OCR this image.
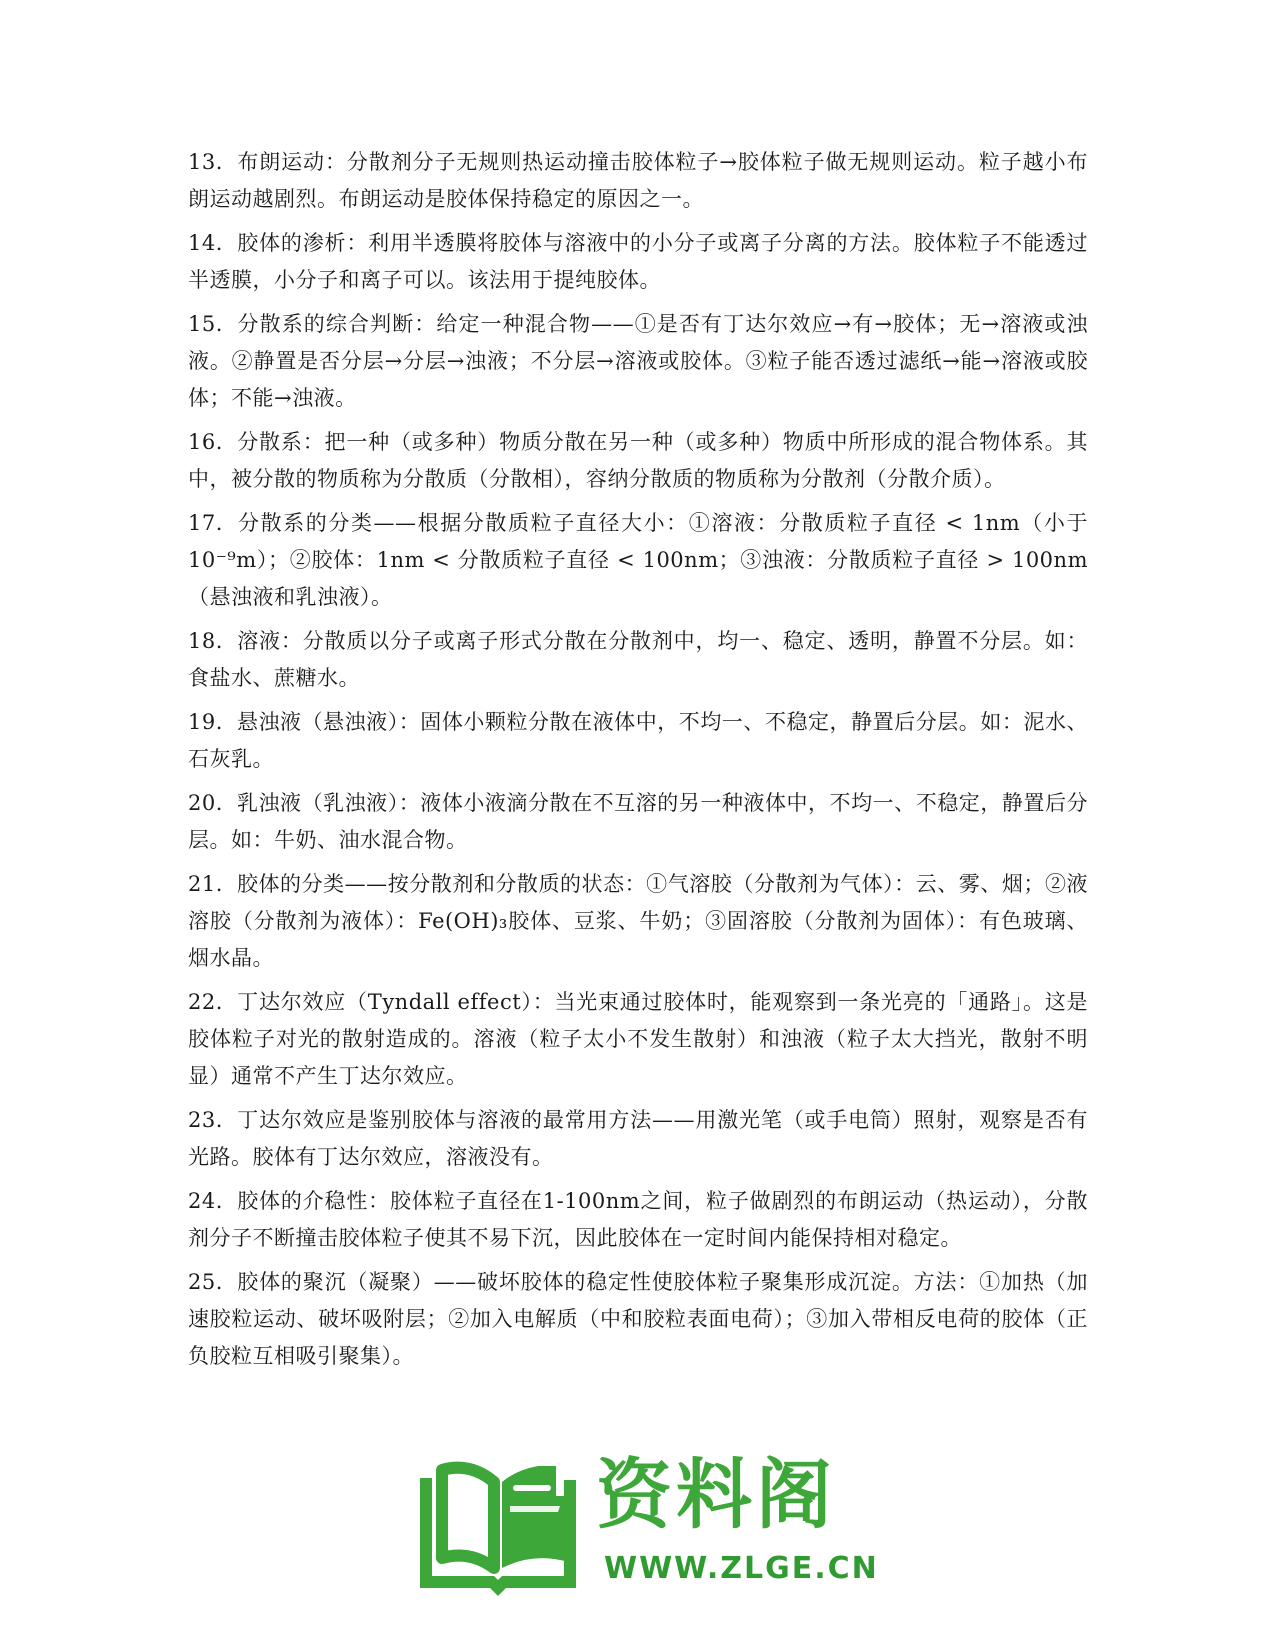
13. 布朗运动：分散剂分子无规则热运动撞击胶体粒子→胶体粒子做无规则运动。粒子越小布朗运动越剧烈。布朗运动是胶体保持稳定的原因之一。

14. 胶体的渗析：利用半透膜将胶体与溶液中的小分子或离子分离的方法。胶体粒子不能透过半透膜，小分子和离子可以。该法用于提纯胶体。

15. 分散系的综合判断：给定一种混合物——①是否有丁达尔效应→有→胶体；无→溶液或浊液。②静置是否分层→分层→浊液；不分层→溶液或胶体。③粒子能否透过滤纸→能→溶液或胶体；不能→浊液。

16. 分散系：把一种（或多种）物质分散在另一种（或多种）物质中所形成的混合物体系。其中，被分散的物质称为分散质（分散相），容纳分散质的物质称为分散剂（分散介质）。

17. 分散系的分类——根据分散质粒子直径大小：①溶液：分散质粒子直径 < 1nm（小于10⁻⁹m）；②胶体：1nm < 分散质粒子直径 < 100nm；③浊液：分散质粒子直径 > 100nm（悬浊液和乳浊液）。

18. 溶液：分散质以分子或离子形式分散在分散剂中，均一、稳定、透明，静置不分层。如：食盐水、蔗糖水。

19. 悬浊液（悬浊液）：固体小颗粒分散在液体中，不均一、不稳定，静置后分层。如：泥水、石灰乳。

20. 乳浊液（乳浊液）：液体小液滴分散在不互溶的另一种液体中，不均一、不稳定，静置后分层。如：牛奶、油水混合物。

21. 胶体的分类——按分散剂和分散质的状态：①气溶胶（分散剂为气体）：云、雾、烟；②液溶胶（分散剂为液体）：Fe(OH)₃胶体、豆浆、牛奶；③固溶胶（分散剂为固体）：有色玻璃、烟水晶。

22. 丁达尔效应（Tyndall effect）：当光束通过胶体时，能观察到一条光亮的「通路」。这是胶体粒子对光的散射造成的。溶液（粒子太小不发生散射）和浊液（粒子太大挡光，散射不明显）通常不产生丁达尔效应。

23. 丁达尔效应是鉴别胶体与溶液的最常用方法——用激光笔（或手电筒）照射，观察是否有光路。胶体有丁达尔效应，溶液没有。

24. 胶体的介稳性：胶体粒子直径在1-100nm之间，粒子做剧烈的布朗运动（热运动），分散剂分子不断撞击胶体粒子使其不易下沉，因此胶体在一定时间内能保持相对稳定。

25. 胶体的聚沉（凝聚）——破坏胶体的稳定性使胶体粒子聚集形成沉淀。方法：①加热（加速胶粒运动、破坏吸附层；②加入电解质（中和胶粒表面电荷）；③加入带相反电荷的胶体（正负胶粒互相吸引聚集）。

资料阁
WWW.ZLGE.CN
